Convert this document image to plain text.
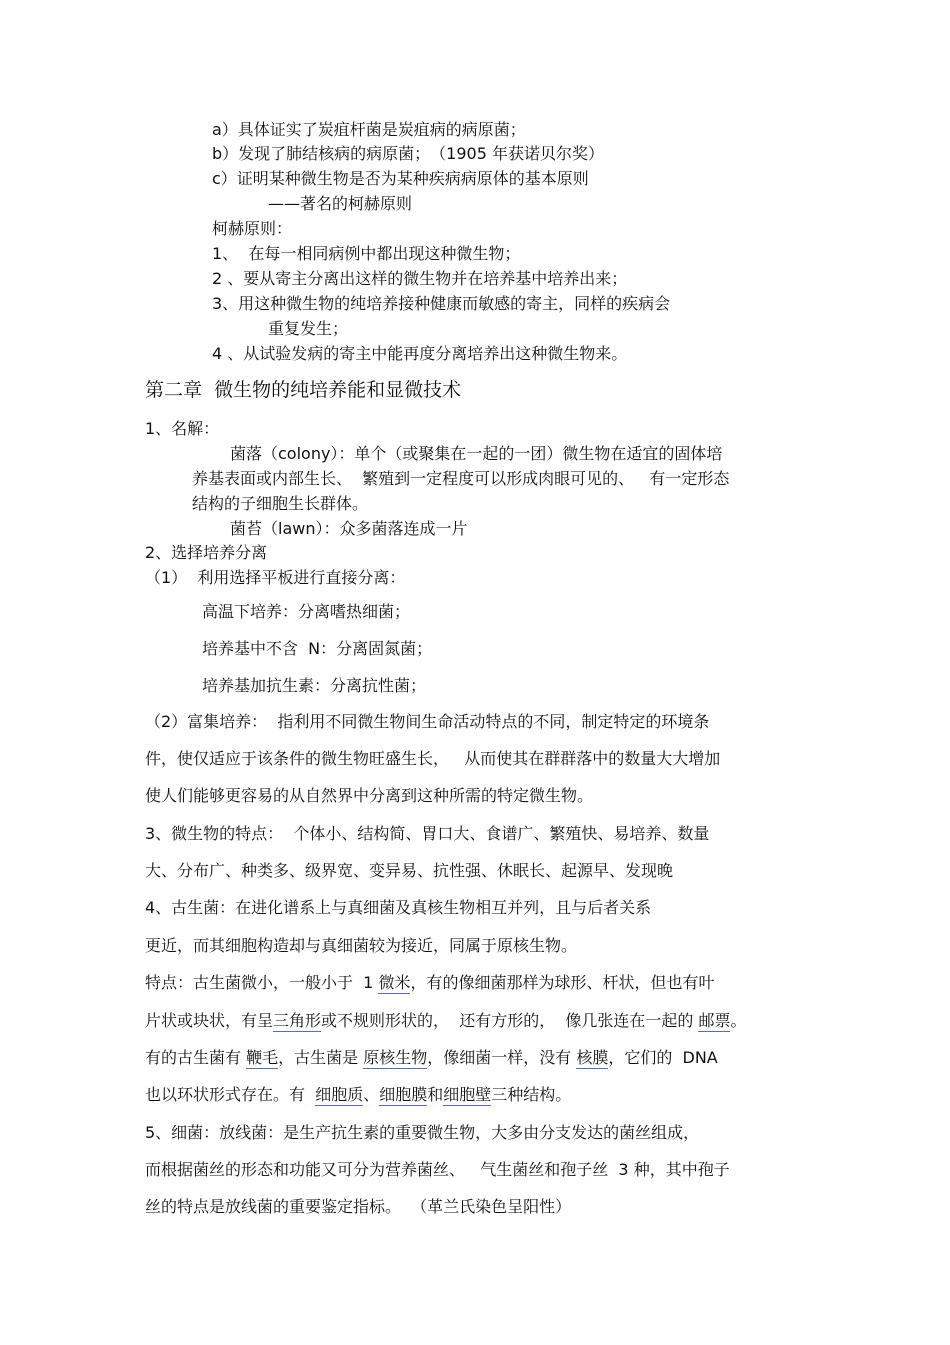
a）具体证实了炭疽杆菌是炭疽病的病原菌；
b）发现了肺结核病的病原菌；　（1905 年获诺贝尔奖）
c）证明某种微生物是否为某种疾病病原体的基本原则
——著名的柯赫原则
柯赫原则：
1、  在每一相同病例中都出现这种微生物；
2 、要从寄主分离出这样的微生物并在培养基中培养出来；
3、用这种微生物的纯培养接种健康而敏感的寄主，同样的疾病会
重复发生；
4 、从试验发病的寄主中能再度分离培养出这种微生物来。
第二章  微生物的纯培养能和显微技术
1、名解：
菌落（colony）：单个（或聚集在一起的一团）微生物在适宜的固体培
养基表面或内部生长、  繁殖到一定程度可以形成肉眼可见的、   有一定形态
结构的子细胞生长群体。
菌苔（lawn）：众多菌落连成一片
2、选择培养分离
（1）  利用选择平板进行直接分离：
高温下培养：分离嗜热细菌；
培养基中不含  N：分离固氮菌；
培养基加抗生素：分离抗性菌；
（2）富集培养：  指利用不同微生物间生命活动特点的不同，制定特定的环境条
件，使仅适应于该条件的微生物旺盛生长，   从而使其在群群落中的数量大大增加
使人们能够更容易的从自然界中分离到这种所需的特定微生物。
3、微生物的特点：  个体小、结构简、胃口大、食谱广、繁殖快、易培养、数量
大、分布广、种类多、级界宽、变异易、抗性强、休眠长、起源早、发现晚
4、古生菌：在进化谱系上与真细菌及真核生物相互并列，且与后者关系
更近，而其细胞构造却与真细菌较为接近，同属于原核生物。
特点：古生菌微小，一般小于  1 微米，有的像细菌那样为球形、杆状，但也有叶
片状或块状，有呈三角形或不规则形状的，  还有方形的，  像几张连在一起的 邮票。
有的古生菌有 鞭毛，古生菌是 原核生物，像细菌一样，没有 核膜，它们的  DNA
也以环状形式存在。有  细胞质、细胞膜和细胞壁三种结构。
5、细菌：放线菌：是生产抗生素的重要微生物，大多由分支发达的菌丝组成，
而根据菌丝的形态和功能又可分为营养菌丝、   气生菌丝和孢子丝  3 种，其中孢子
丝的特点是放线菌的重要鉴定指标。  （革兰氏染色呈阳性）
